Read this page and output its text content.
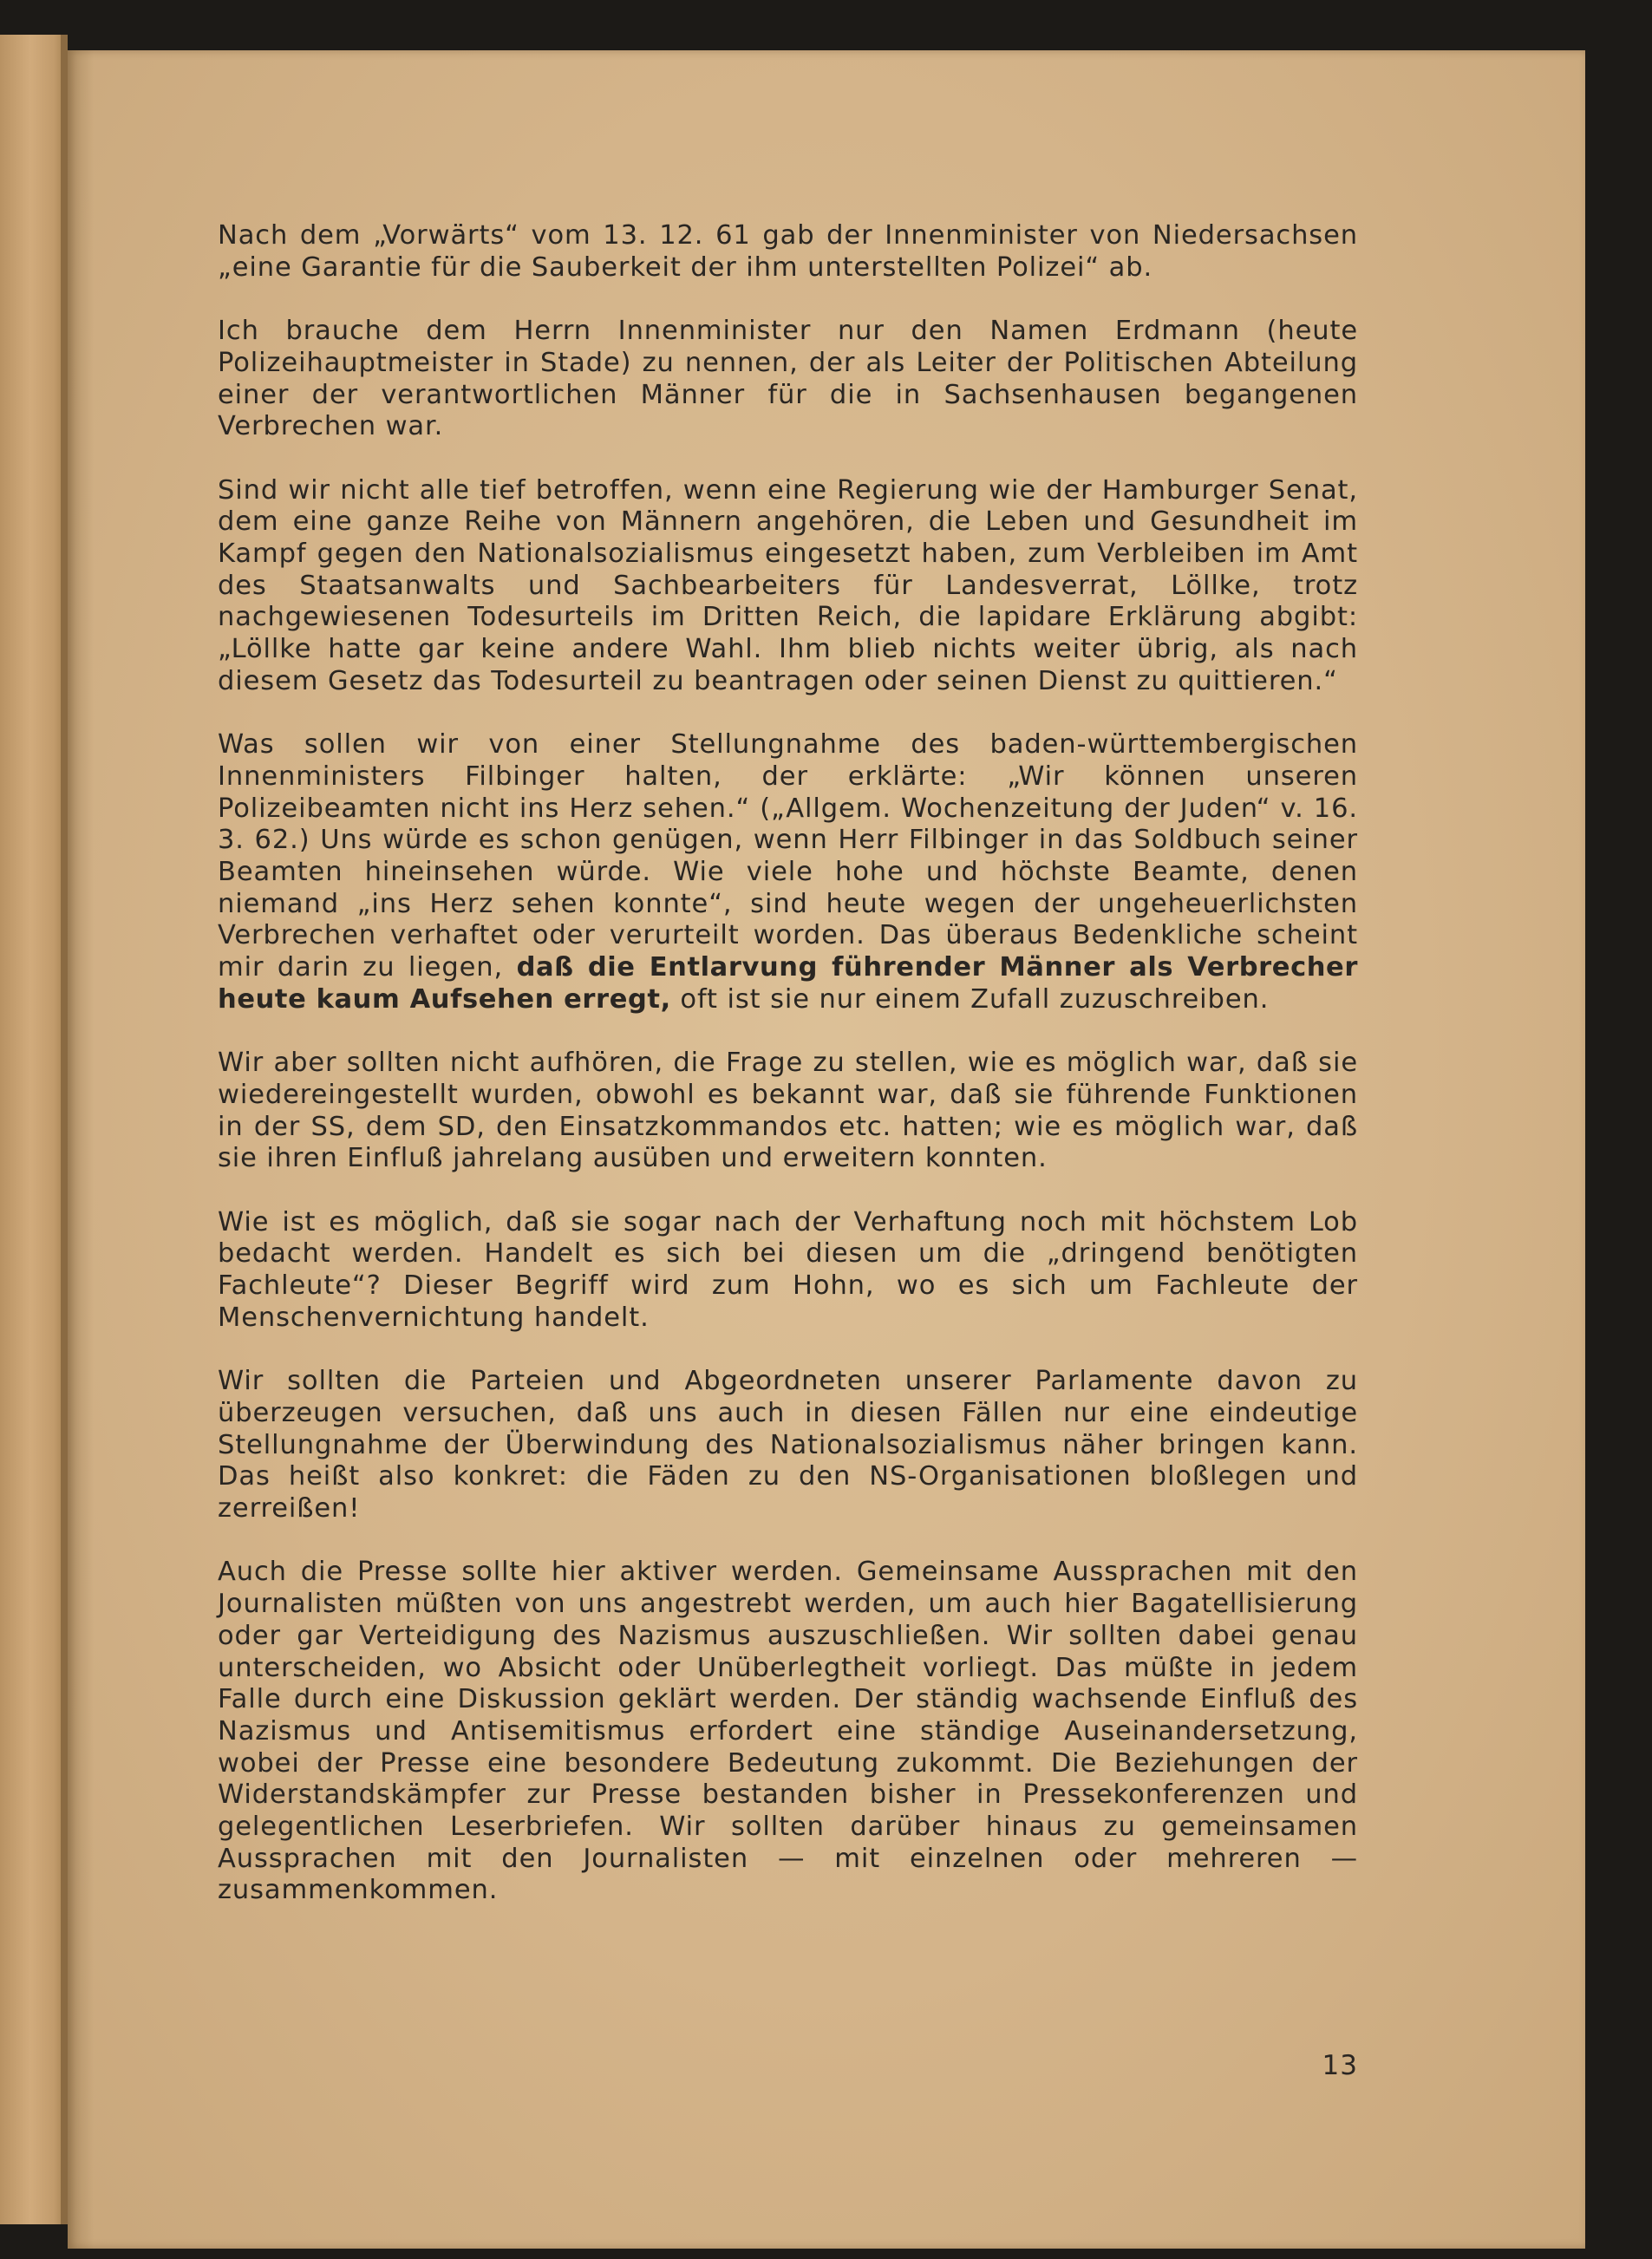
Nach dem „Vorwärts“ vom 13. 12. 61 gab der Innenminister von Niedersachsen „eine Garantie für die Sauberkeit der ihm unterstellten Polizei“ ab.

Ich brauche dem Herrn Innenminister nur den Namen Erdmann (heute Polizeihauptmeister in Stade) zu nennen, der als Leiter der Politischen Abteilung einer der verantwortlichen Männer für die in Sachsenhausen begangenen Verbrechen war.

Sind wir nicht alle tief betroffen, wenn eine Regierung wie der Hamburger Senat, dem eine ganze Reihe von Männern angehören, die Leben und Gesundheit im Kampf gegen den Nationalsozialismus eingesetzt haben, zum Verbleiben im Amt des Staatsanwalts und Sachbearbeiters für Landesverrat, Löllke, trotz nachgewiesenen Todesurteils im Dritten Reich, die lapidare Erklärung abgibt: „Löllke hatte gar keine andere Wahl. Ihm blieb nichts weiter übrig, als nach diesem Gesetz das Todesurteil zu beantragen oder seinen Dienst zu quittieren.“

Was sollen wir von einer Stellungnahme des baden-württembergischen Innenministers Filbinger halten, der erklärte: „Wir können unseren Polizeibeamten nicht ins Herz sehen.“ („Allgem. Wochenzeitung der Juden“ v. 16. 3. 62.) Uns würde es schon genügen, wenn Herr Filbinger in das Soldbuch seiner Beamten hineinsehen würde. Wie viele hohe und höchste Beamte, denen niemand „ins Herz sehen konnte“, sind heute wegen der ungeheuerlichsten Verbrechen verhaftet oder verurteilt worden. Das überaus Bedenkliche scheint mir darin zu liegen, daß die Entlarvung führender Männer als Verbrecher heute kaum Aufsehen erregt, oft ist sie nur einem Zufall zuzuschreiben.

Wir aber sollten nicht aufhören, die Frage zu stellen, wie es möglich war, daß sie wiedereingestellt wurden, obwohl es bekannt war, daß sie führende Funktionen in der SS, dem SD, den Einsatzkommandos etc. hatten; wie es möglich war, daß sie ihren Einfluß jahrelang ausüben und erweitern konnten.

Wie ist es möglich, daß sie sogar nach der Verhaftung noch mit höchstem Lob bedacht werden. Handelt es sich bei diesen um die „dringend benötigten Fachleute“? Dieser Begriff wird zum Hohn, wo es sich um Fachleute der Menschenvernichtung handelt.

Wir sollten die Parteien und Abgeordneten unserer Parlamente davon zu überzeugen versuchen, daß uns auch in diesen Fällen nur eine eindeutige Stellungnahme der Überwindung des Nationalsozialismus näher bringen kann. Das heißt also konkret: die Fäden zu den NS-Organisationen bloßlegen und zerreißen!

Auch die Presse sollte hier aktiver werden. Gemeinsame Aussprachen mit den Journalisten müßten von uns angestrebt werden, um auch hier Bagatellisierung oder gar Verteidigung des Nazismus auszuschließen. Wir sollten dabei genau unterscheiden, wo Absicht oder Unüberlegtheit vorliegt. Das müßte in jedem Falle durch eine Diskussion geklärt werden. Der ständig wachsende Einfluß des Nazismus und Antisemitismus erfordert eine ständige Auseinandersetzung, wobei der Presse eine besondere Bedeutung zukommt. Die Beziehungen der Widerstandskämpfer zur Presse bestanden bisher in Pressekonferenzen und gelegentlichen Leserbriefen. Wir sollten darüber hinaus zu gemeinsamen Aussprachen mit den Journalisten — mit einzelnen oder mehreren — zusammenkommen.

13
